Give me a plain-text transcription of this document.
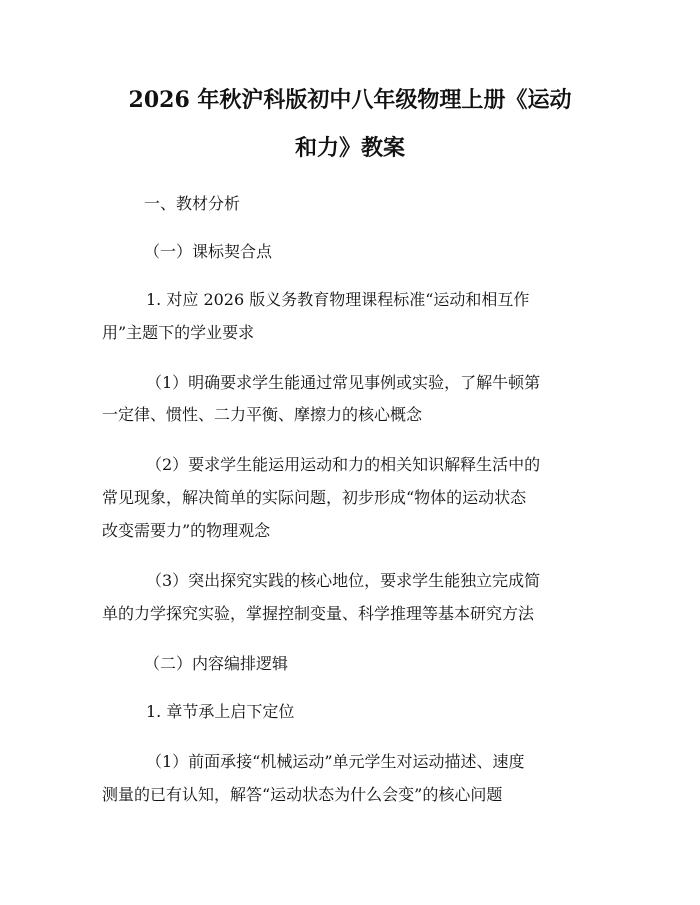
2026 年秋沪科版初中八年级物理上册《运动
和力》教案

一、教材分析

（一）课标契合点

1. 对应 2026 版义务教育物理课程标准“运动和相互作

用”主题下的学业要求

（1）明确要求学生能通过常见事例或实验，了解牛顿第

一定律、惯性、二力平衡、摩擦力的核心概念

（2）要求学生能运用运动和力的相关知识解释生活中的

常见现象，解决简单的实际问题，初步形成“物体的运动状态

改变需要力”的物理观念

（3）突出探究实践的核心地位，要求学生能独立完成简

单的力学探究实验，掌握控制变量、科学推理等基本研究方法

（二）内容编排逻辑

1. 章节承上启下定位

（1）前面承接“机械运动”单元学生对运动描述、速度

测量的已有认知，解答“运动状态为什么会变”的核心问题
